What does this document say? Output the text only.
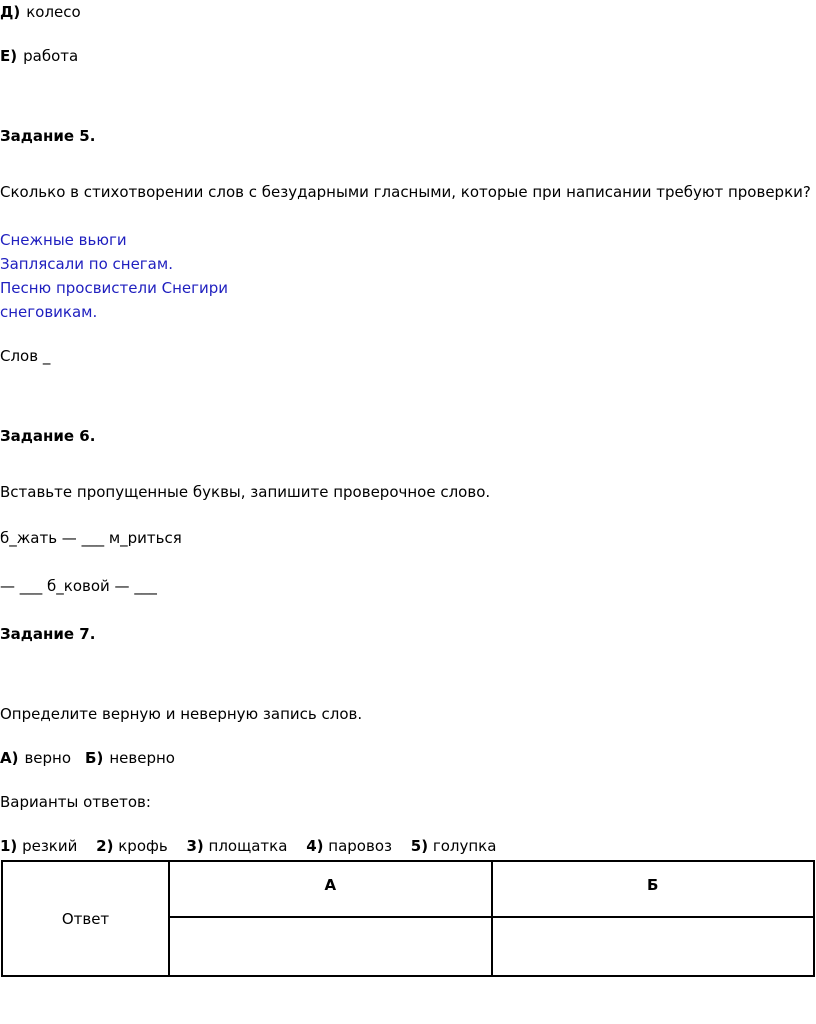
Д) колесо
Е) работа
Задание 5.
Сколько в стихотворении слов с безударными гласными, которые при написании требуют проверки?
Снежные вьюги
Заплясали по снегам.
Песню просвистели Снегири
снеговикам.
Слов _
Задание 6.
Вставьте пропущенные буквы, запишите проверочное слово.
б_жать — ___ м_риться
— ___ б_ковой — ___
Задание 7.
Определите верную и неверную запись слов.
А) верно Б) неверно
Варианты ответов:
1) резкий 2) крофь 3) площатка 4) паровоз 5) голупка
Ответ	А	Б
